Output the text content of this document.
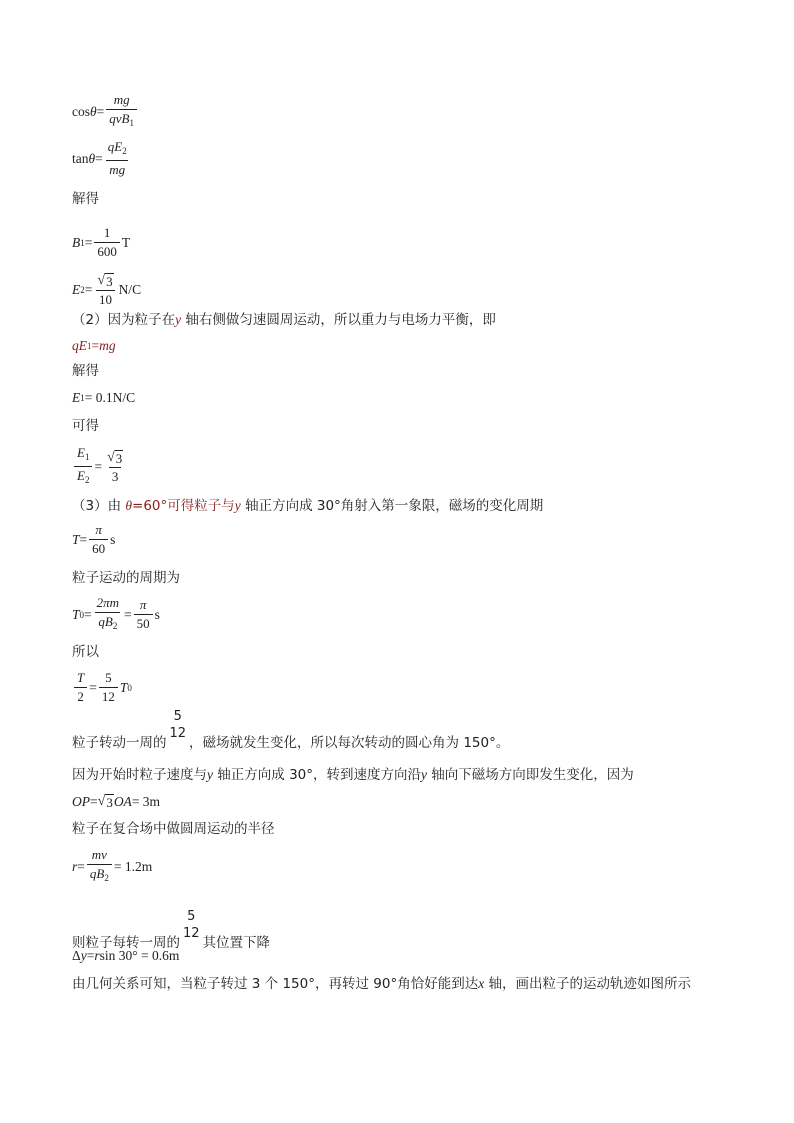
$\cos \theta = \frac{mg}{qvB_1}$
$\tan \theta = \frac{qE_2}{mg}$
解得
B $1 = \frac{1}{600}$ T
E $2 = \frac{√ 3}{10} N/C$
（2）因为粒子在y 轴右侧做匀速圆周运动，所以重力与电场力平衡，即
qE 1 = mg
解得
E 1 = 0.1N/C
可得
$\frac{E_1}{E_2} = \frac{√ 3}{3}$
（3）由 θ=60°可得粒子与y 轴正方向成 30°角射入第一象限，磁场的变化周期
$T = \frac{\pi}{60}$ s
粒子运动的周期为
T $0 = \frac{2\pi m}{qB_2} = \frac{\pi}{50}$ s
所以
$\frac{T}{2} = \frac{5}{12}$ T 0
粒子转动一周的
5
12
，磁场就发生变化，所以每次转动的圆心角为 150°。
因为开始时粒子速度与y 轴正方向成 30°，转到速度方向沿y 轴向下磁场方向即发生变化，因为
OP = √ 3 OA = 3m
粒子在复合场中做圆周运动的半径
$r = \frac{mv}{qB_2} = 1.2m$
则粒子每转一周的
5
12
其位置下降
Δ y = r sin 30° = 0.6m
由几何关系可知，当粒子转过 3 个 150°，再转过 90°角恰好能到达x 轴，画出粒子的运动轨迹如图所示
